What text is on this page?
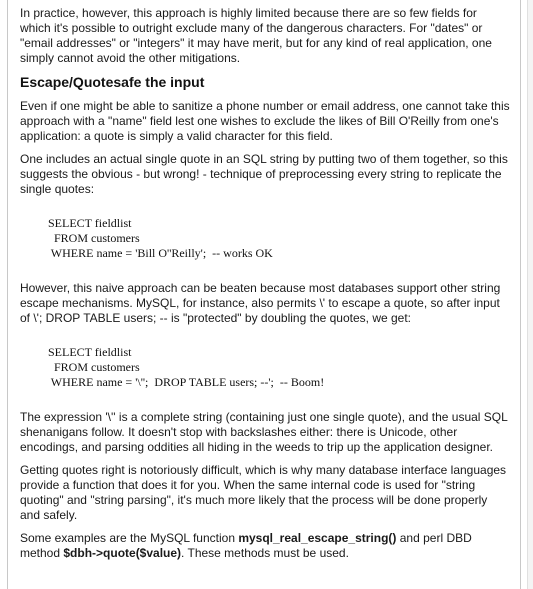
In practice, however, this approach is highly limited because there are so few fields for which it's possible to outright exclude many of the dangerous characters. For "dates" or "email addresses" or "integers" it may have merit, but for any kind of real application, one simply cannot avoid the other mitigations.

Escape/Quotesafe the input

Even if one might be able to sanitize a phone number or email address, one cannot take this approach with a "name" field lest one wishes to exclude the likes of Bill O'Reilly from one's application: a quote is simply a valid character for this field.

One includes an actual single quote in an SQL string by putting two of them together, so this suggests the obvious - but wrong! - technique of preprocessing every string to replicate the single quotes:

SELECT fieldlist
FROM customers
WHERE name = 'Bill O''Reilly';  -- works OK

However, this naive approach can be beaten because most databases support other string escape mechanisms. MySQL, for instance, also permits \' to escape a quote, so after input of \'; DROP TABLE users; -- is "protected" by doubling the quotes, we get:

SELECT fieldlist
FROM customers
WHERE name = '\'';  DROP TABLE users; --';  -- Boom!

The expression '\'' is a complete string (containing just one single quote), and the usual SQL shenanigans follow. It doesn't stop with backslashes either: there is Unicode, other encodings, and parsing oddities all hiding in the weeds to trip up the application designer.

Getting quotes right is notoriously difficult, which is why many database interface languages provide a function that does it for you. When the same internal code is used for "string quoting" and "string parsing", it's much more likely that the process will be done properly and safely.

Some examples are the MySQL function mysql_real_escape_string() and perl DBD method $dbh->quote($value). These methods must be used.
